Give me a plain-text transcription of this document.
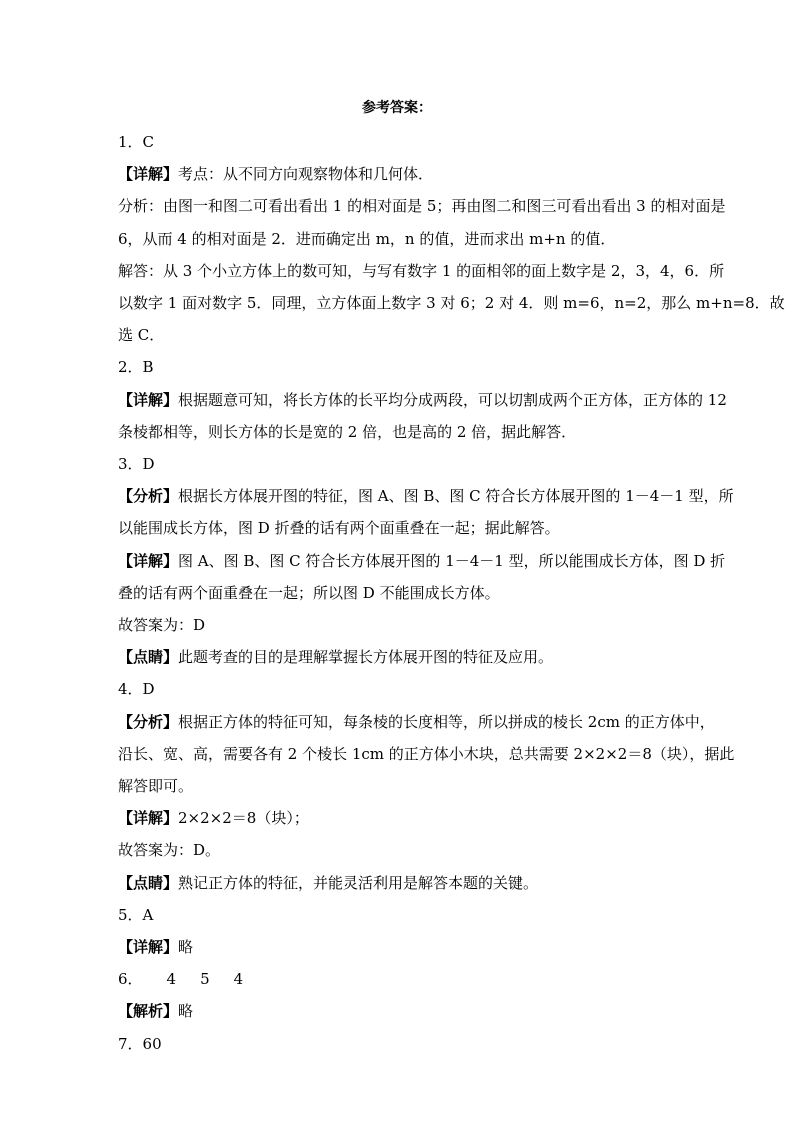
参考答案：
1．C
【详解】考点：从不同方向观察物体和几何体．
分析：由图一和图二可看出看出 1 的相对面是 5；再由图二和图三可看出看出 3 的相对面是
6，从而 4 的相对面是 2．进而确定出 m，n 的值，进而求出 m+n 的值．
解答：从 3 个小立方体上的数可知，与写有数字 1 的面相邻的面上数字是 2，3，4，6．所
以数字 1 面对数字 5．同理，立方体面上数字 3 对 6；2 对 4．则 m=6，n=2，那么 m+n=8．故
选 C．
2．B
【详解】根据题意可知，将长方体的长平均分成两段，可以切割成两个正方体，正方体的 12
条棱都相等，则长方体的长是宽的 2 倍，也是高的 2 倍，据此解答．
3．D
【分析】根据长方体展开图的特征，图 A、图 B、图 C 符合长方体展开图的 1－4－1 型，所
以能围成长方体，图 D 折叠的话有两个面重叠在一起；据此解答。
【详解】图 A、图 B、图 C 符合长方体展开图的 1－4－1 型，所以能围成长方体，图 D 折
叠的话有两个面重叠在一起；所以图 D 不能围成长方体。
故答案为：D
【点睛】此题考查的目的是理解掌握长方体展开图的特征及应用。
4．D
【分析】根据正方体的特征可知，每条棱的长度相等，所以拼成的棱长 2cm 的正方体中，
沿长、宽、高，需要各有 2 个棱长 1cm 的正方体小木块，总共需要 2×2×2＝8（块），据此
解答即可。
【详解】2×2×2＝8（块）；
故答案为：D。
【点睛】熟记正方体的特征，并能灵活利用是解答本题的关键。
5．A
【详解】略
6． 4 5 4
【解析】略
7．60
